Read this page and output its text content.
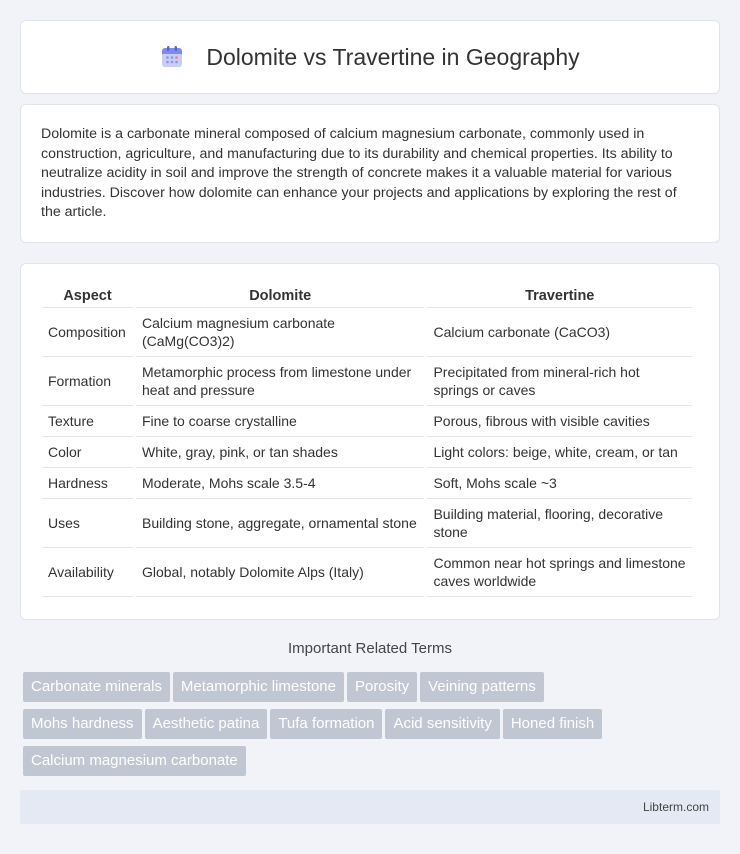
Dolomite vs Travertine in Geography

Dolomite is a carbonate mineral composed of calcium magnesium carbonate, commonly used in construction, agriculture, and manufacturing due to its durability and chemical properties. Its ability to neutralize acidity in soil and improve the strength of concrete makes it a valuable material for various industries. Discover how dolomite can enhance your projects and applications by exploring the rest of the article.

Aspect	Dolomite	Travertine
Composition	Calcium magnesium carbonate (CaMg(CO3)2)	Calcium carbonate (CaCO3)
Formation	Metamorphic process from limestone under heat and pressure	Precipitated from mineral-rich hot springs or caves
Texture	Fine to coarse crystalline	Porous, fibrous with visible cavities
Color	White, gray, pink, or tan shades	Light colors: beige, white, cream, or tan
Hardness	Moderate, Mohs scale 3.5-4	Soft, Mohs scale ~3
Uses	Building stone, aggregate, ornamental stone	Building material, flooring, decorative stone
Availability	Global, notably Dolomite Alps (Italy)	Common near hot springs and limestone caves worldwide
Important Related Terms
Carbonate minerals Metamorphic limestone Porosity Veining patterns
Mohs hardness Aesthetic patina Tufa formation Acid sensitivity Honed finish
Calcium magnesium carbonate
Libterm.com
